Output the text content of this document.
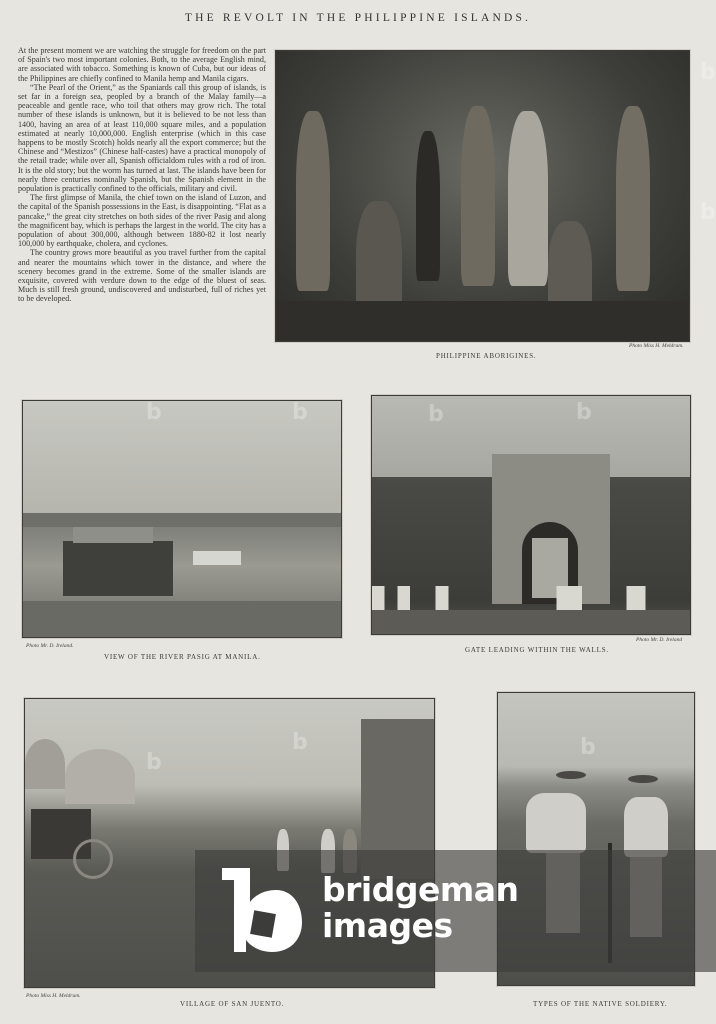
THE REVOLT IN THE PHILIPPINE ISLANDS.

At the present moment we are watching the struggle for freedom on the part of Spain's two most important colonies. Both, to the average English mind, are associated with tobacco. Something is known of Cuba, but our ideas of the Philippines are chiefly confined to Manila hemp and Manila cigars.

“The Pearl of the Orient,” as the Spaniards call this group of islands, is set far in a foreign sea, peopled by a branch of the Malay family—a peaceable and gentle race, who toil that others may grow rich. The total number of these islands is unknown, but it is believed to be not less than 1400, having an area of at least 110,000 square miles, and a population estimated at nearly 10,000,000. English enterprise (which in this case happens to be mostly Scotch) holds nearly all the export commerce; but the Chinese and “Mestizos” (Chinese half-castes) have a practical monopoly of the retail trade; while over all, Spanish officialdom rules with a rod of iron. It is the old story; but the worm has turned at last. The islands have been for nearly three centuries nominally Spanish, but the Spanish element in the population is practically confined to the officials, military and civil.

The first glimpse of Manila, the chief town on the island of Luzon, and the capital of the Spanish possessions in the East, is disappointing. “Flat as a pancake,” the great city stretches on both sides of the river Pasig and along the magnificent bay, which is perhaps the largest in the world. The city has a population of about 300,000, although between 1880-82 it lost nearly 100,000 by earthquake, cholera, and cyclones.

The country grows more beautiful as you travel further from the capital and nearer the mountains which tower in the distance, and where the scenery becomes grand in the extreme. Some of the smaller islands are exquisite, covered with verdure down to the edge of the bluest of seas. Much is still fresh ground, undiscovered and undisturbed, full of riches yet to be developed.

Photo Miss H. Meldrum.
PHILIPPINE ABORIGINES.
Photo Mr. D. Ireland.
VIEW OF THE RIVER PASIG AT MANILA.
Photo Mr. D. Ireland
GATE LEADING WITHIN THE WALLS.
Photo Miss H. Meldrum.
VILLAGE OF SAN JUENTO.	TYPES OF THE NATIVE SOLDIERY.
bridgeman
images
b	b	b	b
b
b	b
b
b
